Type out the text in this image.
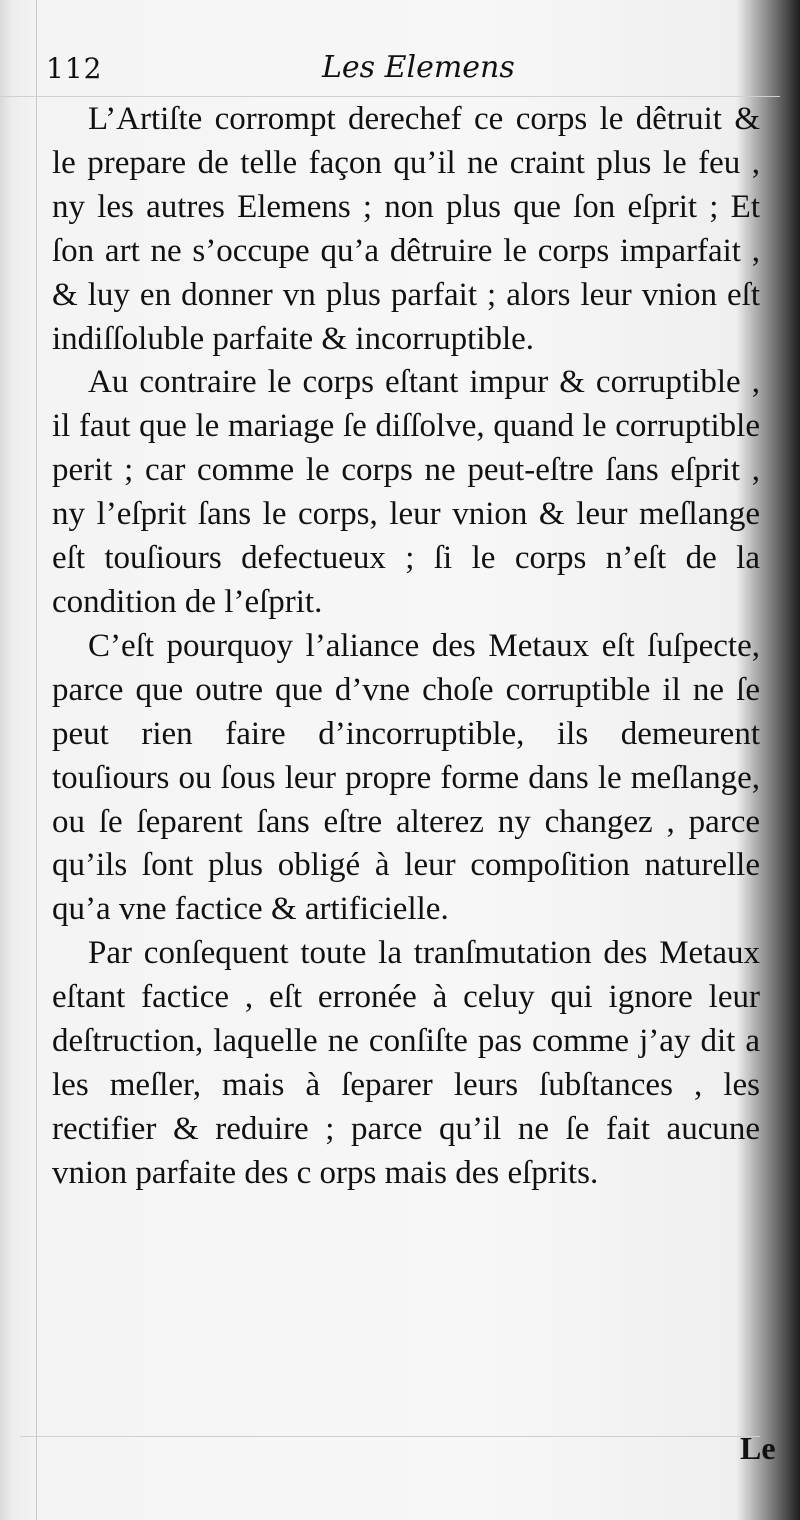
112	Les Elemens

L’Artiſte corrompt derechef ce corps le dêtruit & le prepare de telle façon qu’il ne craint plus le feu , ny les autres Elemens ; non plus que ſon eſprit ; Et ſon art ne s’occupe qu’a dêtruire le corps imparfait , & luy en donner vn plus parfait ; alors leur vnion eſt indiſſoluble parfaite & incorruptible.

Au contraire le corps eſtant impur & corruptible , il faut que le mariage ſe diſſolve, quand le corruptible perit ; car comme le corps ne peut-eſtre ſans eſprit , ny l’eſprit ſans le corps, leur vnion & leur meſlange eſt touſiours defectueux ; ſi le corps n’eſt de la condition de l’eſprit.

C’eſt pourquoy l’aliance des Metaux eſt ſuſpecte, parce que outre que d’vne choſe corruptible il ne ſe peut rien faire d’incorruptible, ils demeurent touſiours ou ſous leur propre forme dans le meſlange, ou ſe ſeparent ſans eſtre alterez ny changez , parce qu’ils ſont plus obligé à leur compoſition naturelle qu’a vne factice & artificielle.

Par conſequent toute la tranſmutation des Metaux eſtant factice , eſt erronée à celuy qui ignore leur deſtruction, laquelle ne conſiſte pas comme j’ay dit a les meſler, mais à ſeparer leurs ſubſtances , les rectifier & reduire ; parce qu’il ne ſe fait aucune vnion parfaite des c orps mais des eſprits.

Le
